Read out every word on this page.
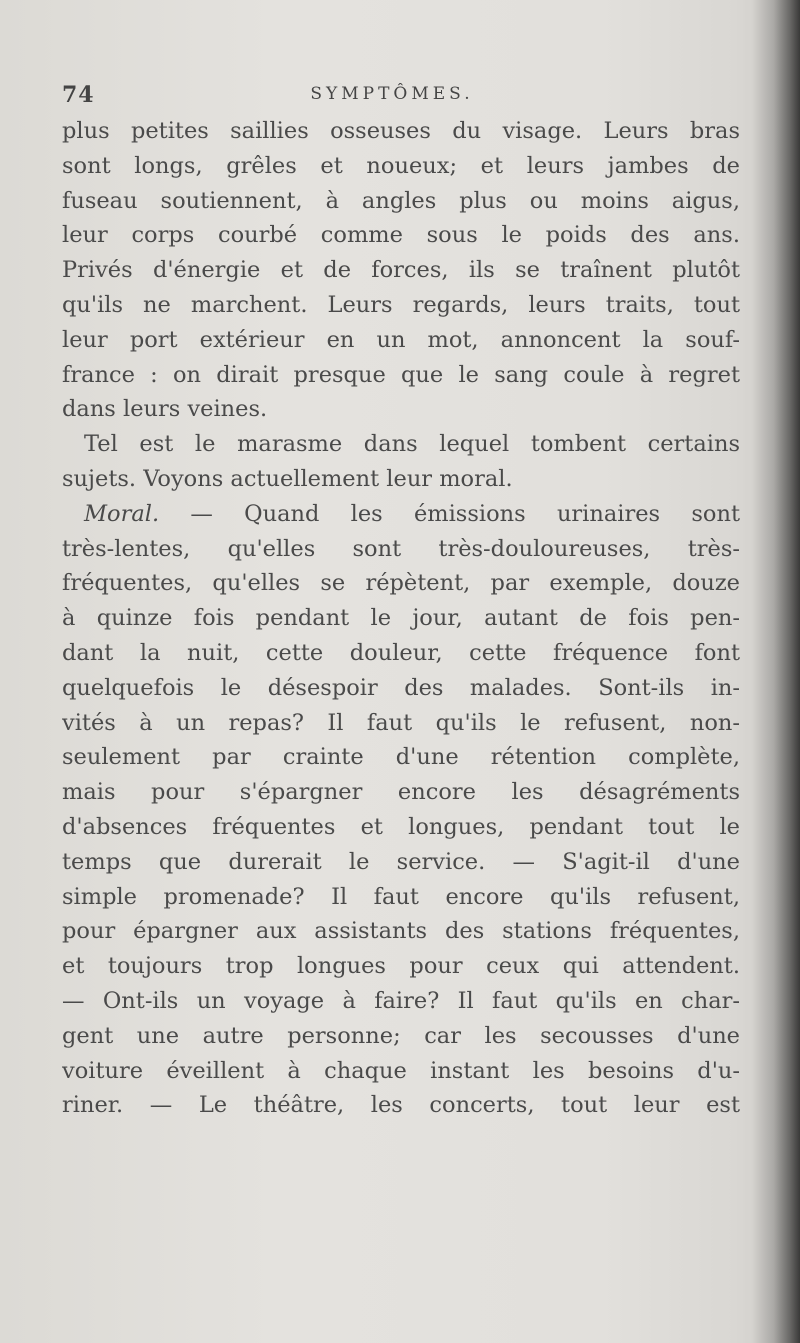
74	SYMPTÔMES.
plus petites saillies osseuses du visage. Leurs bras
sont longs, grêles et noueux; et leurs jambes de
fuseau soutiennent, à angles plus ou moins aigus,
leur corps courbé comme sous le poids des ans.
Privés d'énergie et de forces, ils se traînent plutôt
qu'ils ne marchent. Leurs regards, leurs traits, tout
leur port extérieur en un mot, annoncent la souf-
france : on dirait presque que le sang coule à regret
dans leurs veines.
Tel est le marasme dans lequel tombent certains
sujets. Voyons actuellement leur moral.
Moral. — Quand les émissions urinaires sont
très-lentes, qu'elles sont très-douloureuses, très-
fréquentes, qu'elles se répètent, par exemple, douze
à quinze fois pendant le jour, autant de fois pen-
dant la nuit, cette douleur, cette fréquence font
quelquefois le désespoir des malades. Sont-ils in-
vités à un repas? Il faut qu'ils le refusent, non-
seulement par crainte d'une rétention complète,
mais pour s'épargner encore les désagréments
d'absences fréquentes et longues, pendant tout le
temps que durerait le service. — S'agit-il d'une
simple promenade? Il faut encore qu'ils refusent,
pour épargner aux assistants des stations fréquentes,
et toujours trop longues pour ceux qui attendent.
— Ont-ils un voyage à faire? Il faut qu'ils en char-
gent une autre personne; car les secousses d'une
voiture éveillent à chaque instant les besoins d'u-
riner. — Le théâtre, les concerts, tout leur est
